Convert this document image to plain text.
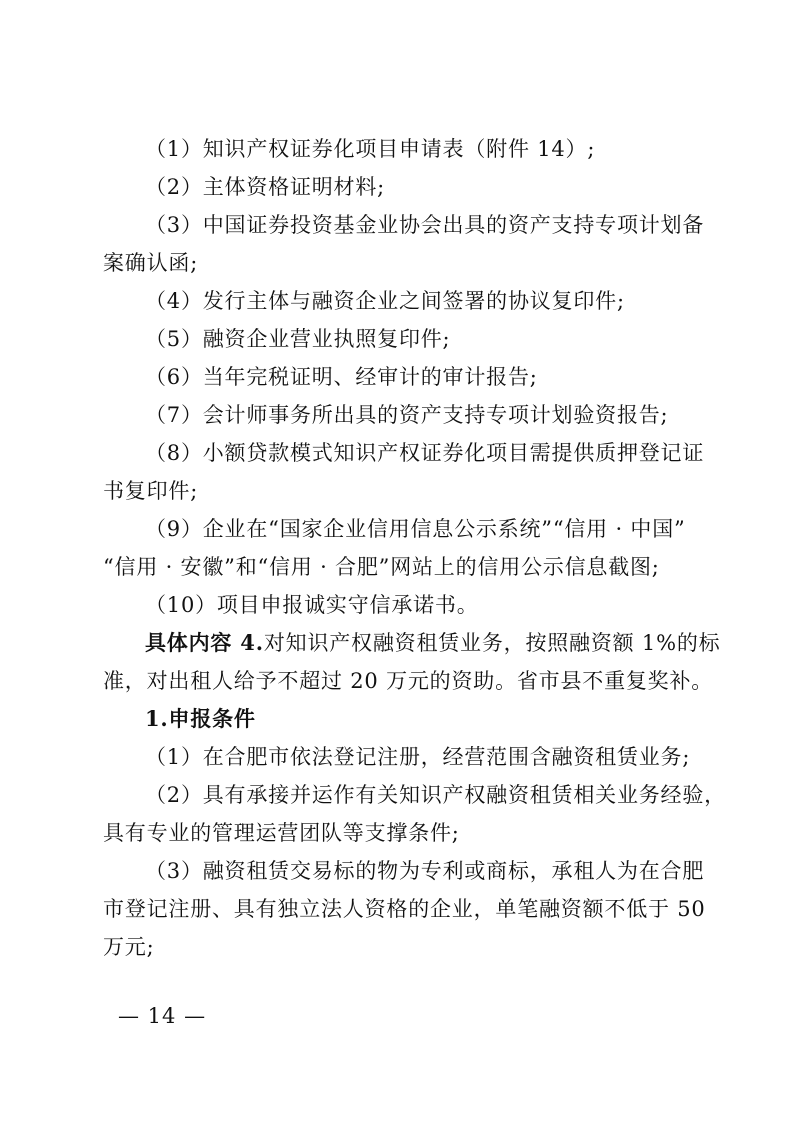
（1）知识产权证券化项目申请表（附件 14）;
（2）主体资格证明材料;
（3）中国证券投资基金业协会出具的资产支持专项计划备
案确认函;
（4）发行主体与融资企业之间签署的协议复印件;
（5）融资企业营业执照复印件;
（6）当年完税证明、经审计的审计报告;
（7）会计师事务所出具的资产支持专项计划验资报告;
（8）小额贷款模式知识产权证券化项目需提供质押登记证
书复印件;
（9）企业在“国家企业信用信息公示系统”“信用 · 中国”
“信用 · 安徽”和“信用 · 合肥”网站上的信用公示信息截图;
（10）项目申报诚实守信承诺书。
具体内容 4.对知识产权融资租赁业务，按照融资额 1%的标
准，对出租人给予不超过 20 万元的资助。省市县不重复奖补。
1.申报条件
（1）在合肥市依法登记注册，经营范围含融资租赁业务;
（2）具有承接并运作有关知识产权融资租赁相关业务经验，
具有专业的管理运营团队等支撑条件;
（3）融资租赁交易标的物为专利或商标，承租人为在合肥
市登记注册、具有独立法人资格的企业，单笔融资额不低于 50
万元;
— 14 —
